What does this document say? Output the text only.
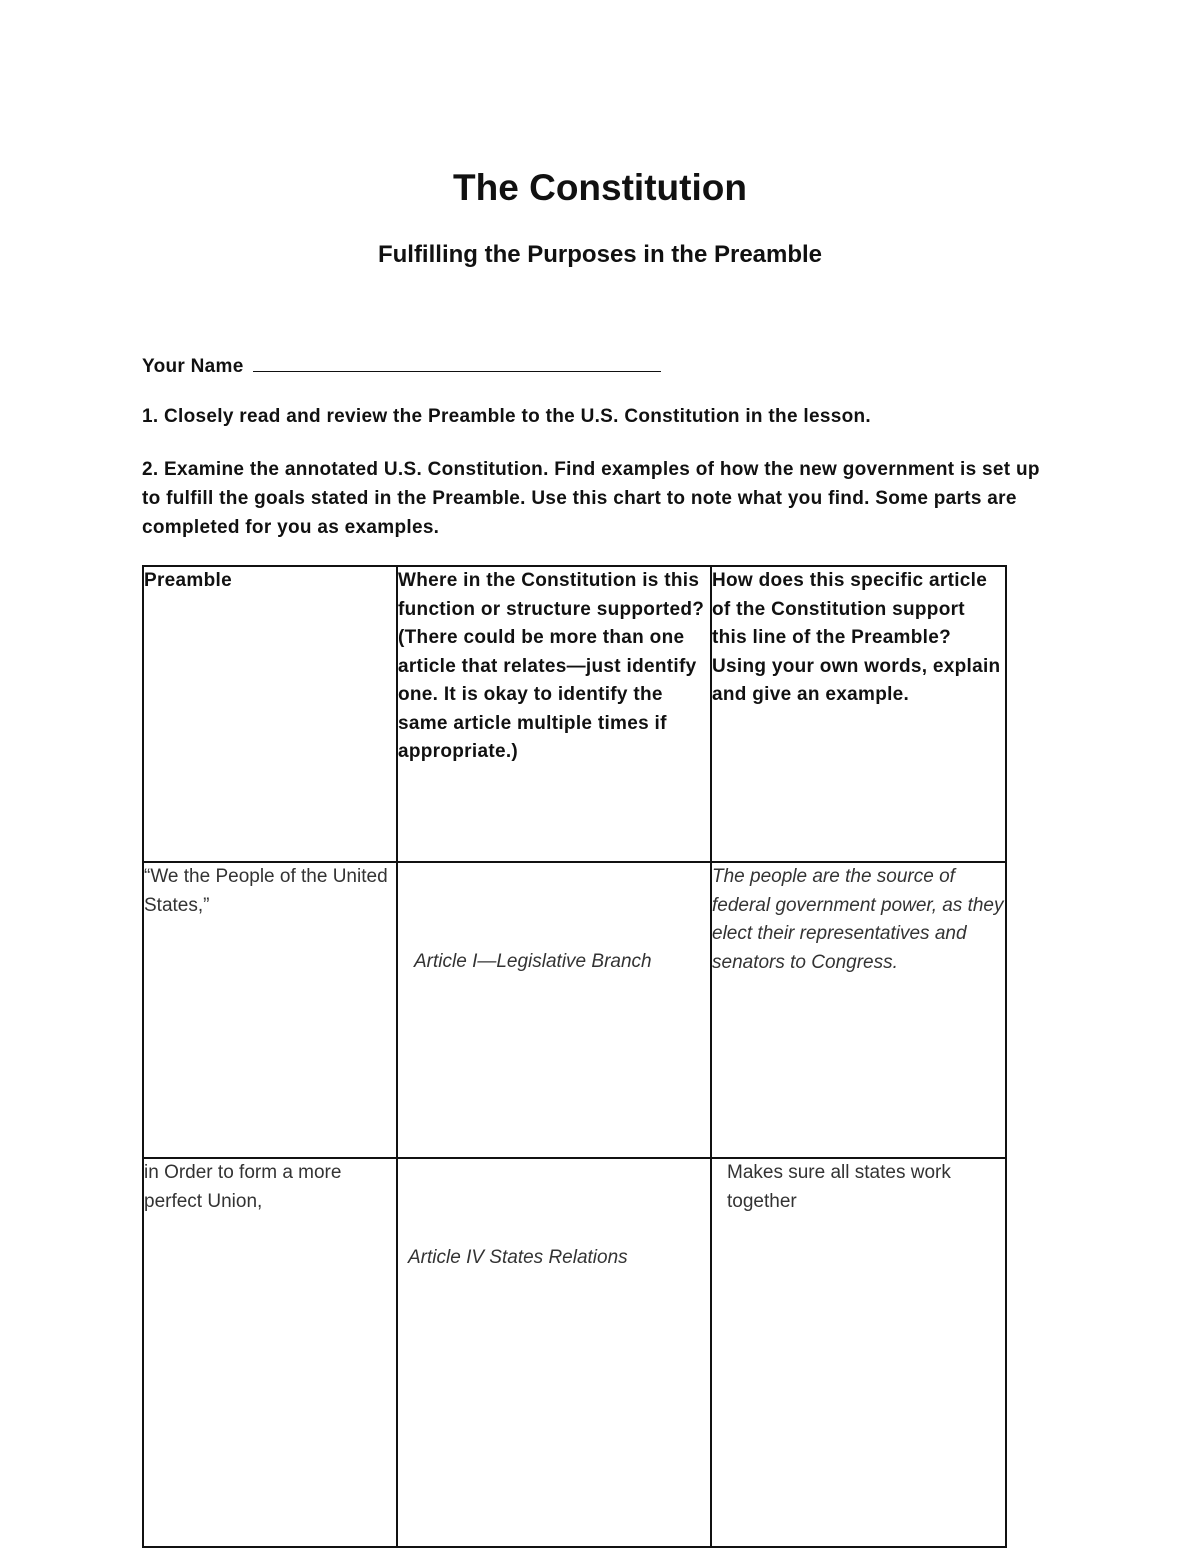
The Constitution
Fulfilling the Purposes in the Preamble
Your Name
1. Closely read and review the Preamble to the U.S. Constitution in the lesson.
2. Examine the annotated U.S. Constitution. Find examples of how the new government is set up to fulfill the goals stated in the Preamble. Use this chart to note what you find. Some parts are completed for you as examples.
Preamble	Where in the Constitution is this function or structure supported? (There could be more than one article that relates—just identify one. It is okay to identify the same article multiple times if appropriate.)	How does this specific article of the Constitution support this line of the Preamble? Using your own words, explain and give an example.
“We the People of the United States,”	Article I—Legislative Branch	The people are the source of federal government power, as they elect their representatives and senators to Congress.
in Order to form a more perfect Union,	Article IV States Relations	Makes sure all states work together
